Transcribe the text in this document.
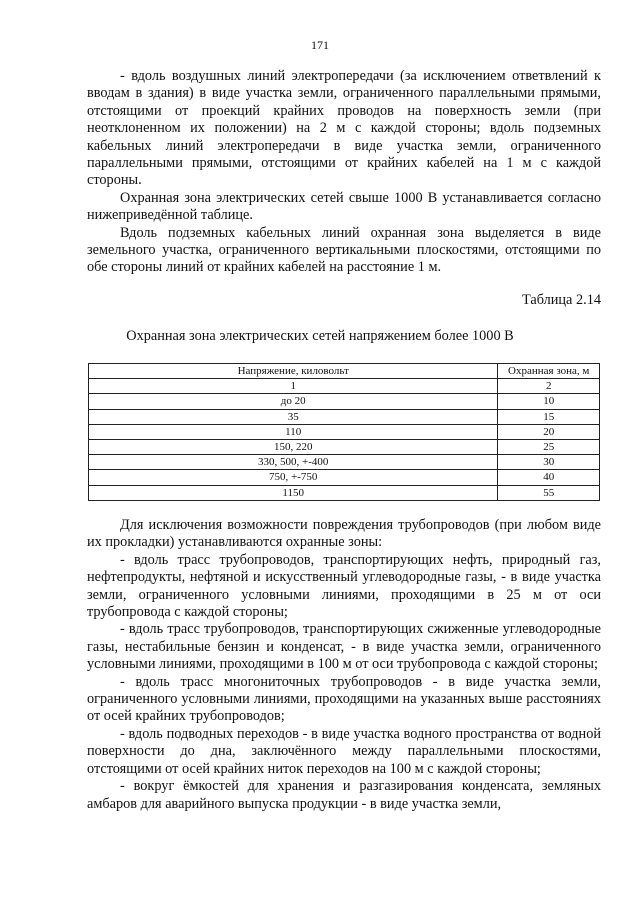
171

- вдоль воздушных линий электропередачи (за исключением ответвлений к вводам в здания) в виде участка земли, ограниченного параллельными прямыми, отстоящими от проекций крайних проводов на поверхность земли (при неотклоненном их положении) на 2 м с каждой стороны; вдоль подземных кабельных линий электропередачи в виде участка земли, ограниченного параллельными прямыми, отстоящими от крайних кабелей на 1 м с каждой стороны.

Охранная зона электрических сетей свыше 1000 В устанавливается согласно нижеприведённой таблице.

Вдоль подземных кабельных линий охранная зона выделяется в виде земельного участка, ограниченного вертикальными плоскостями, отстоящими по обе стороны линий от крайних кабелей на расстояние 1 м.

Таблица 2.14
Охранная зона электрических сетей напряжением более 1000 В
Напряжение, киловольт	Охранная зона, м
1	2
до 20	10
35	15
110	20
150, 220	25
330, 500, +-400	30
750, +-750	40
1150	55

Для исключения возможности повреждения трубопроводов (при любом виде их прокладки) устанавливаются охранные зоны:

- вдоль трасс трубопроводов, транспортирующих нефть, природный газ, нефтепродукты, нефтяной и искусственный углеводородные газы, - в виде участка земли, ограниченного условными линиями, проходящими в 25 м от оси трубопровода с каждой стороны;

- вдоль трасс трубопроводов, транспортирующих сжиженные углеводородные газы, нестабильные бензин и конденсат, - в виде участка земли, ограниченного условными линиями, проходящими в 100 м от оси трубопровода с каждой стороны;

- вдоль трасс многониточных трубопроводов - в виде участка земли, ограниченного условными линиями, проходящими на указанных выше расстояниях от осей крайних трубопроводов;

- вдоль подводных переходов - в виде участка водного пространства от водной поверхности до дна, заключённого между параллельными плоскостями, отстоящими от осей крайних ниток переходов на 100 м с каждой стороны;

- вокруг ёмкостей для хранения и разгазирования конденсата, земляных амбаров для аварийного выпуска продукции - в виде участка земли,
